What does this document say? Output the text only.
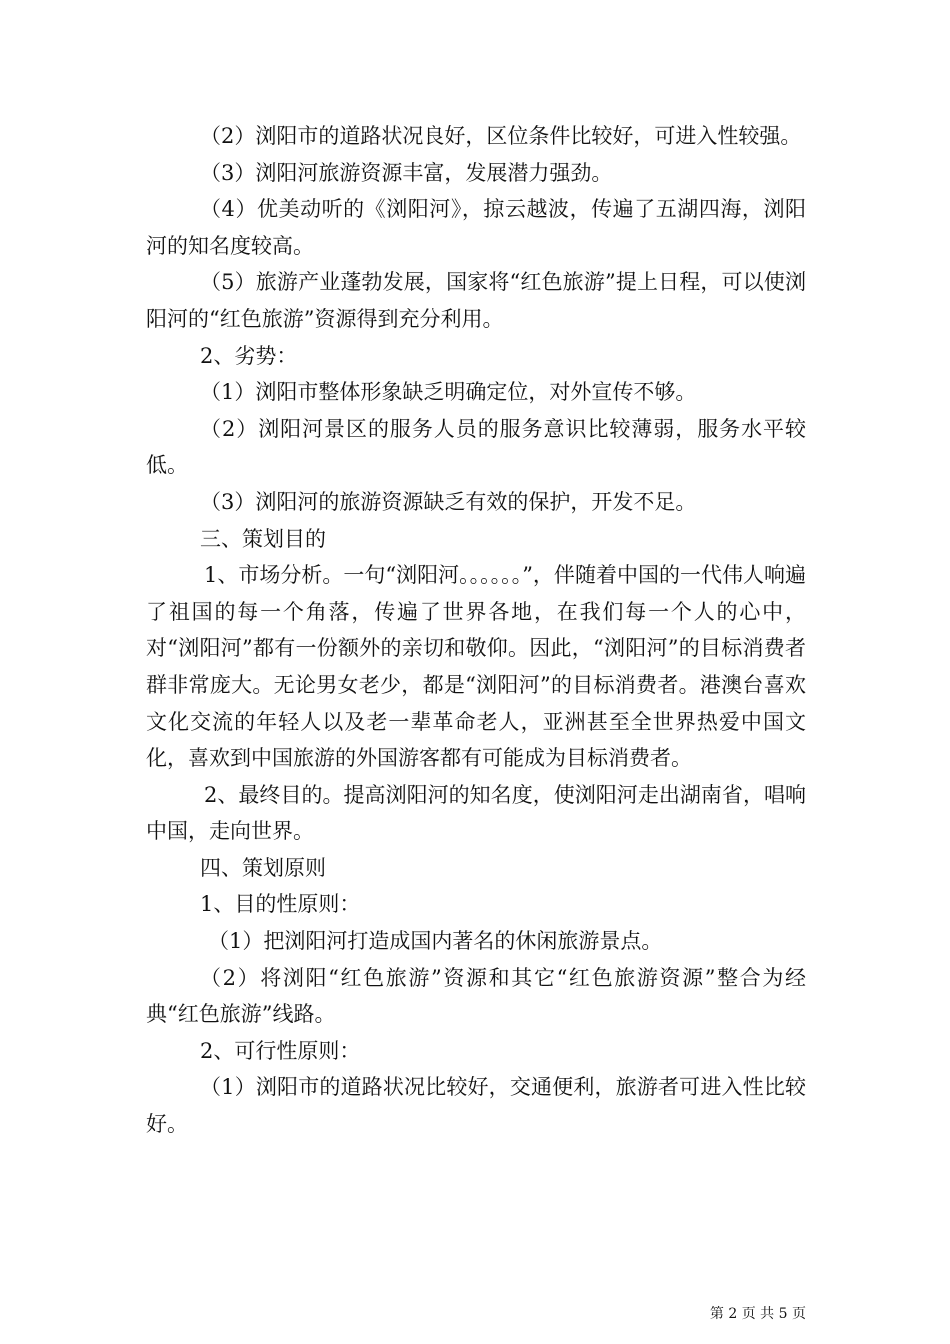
（2）浏阳市的道路状况良好，区位条件比较好，可进入性较强。

（3）浏阳河旅游资源丰富，发展潜力强劲。

（4）优美动听的《浏阳河》，掠云越波，传遍了五湖四海，浏阳河的知名度较高。

（5）旅游产业蓬勃发展，国家将“红色旅游”提上日程，可以使浏阳河的“红色旅游”资源得到充分利用。

2、劣势：

（1）浏阳市整体形象缺乏明确定位，对外宣传不够。

（2）浏阳河景区的服务人员的服务意识比较薄弱，服务水平较低。

（3）浏阳河的旅游资源缺乏有效的保护，开发不足。

三、策划目的

1、市场分析。一句“浏阳河。。。。。。”，伴随着中国的一代伟人响遍了祖国的每一个角落，传遍了世界各地，在我们每一个人的心中，对“浏阳河”都有一份额外的亲切和敬仰。因此，“浏阳河”的目标消费者群非常庞大。无论男女老少，都是“浏阳河”的目标消费者。港澳台喜欢文化交流的年轻人以及老一辈革命老人，亚洲甚至全世界热爱中国文化，喜欢到中国旅游的外国游客都有可能成为目标消费者。

2、最终目的。提高浏阳河的知名度，使浏阳河走出湖南省，唱响中国，走向世界。

四、策划原则

1、目的性原则：

（1）把浏阳河打造成国内著名的休闲旅游景点。

（2）将浏阳“红色旅游”资源和其它“红色旅游资源”整合为经典“红色旅游”线路。

2、可行性原则：

（1）浏阳市的道路状况比较好，交通便利，旅游者可进入性比较好。

第 2 页 共 5 页
